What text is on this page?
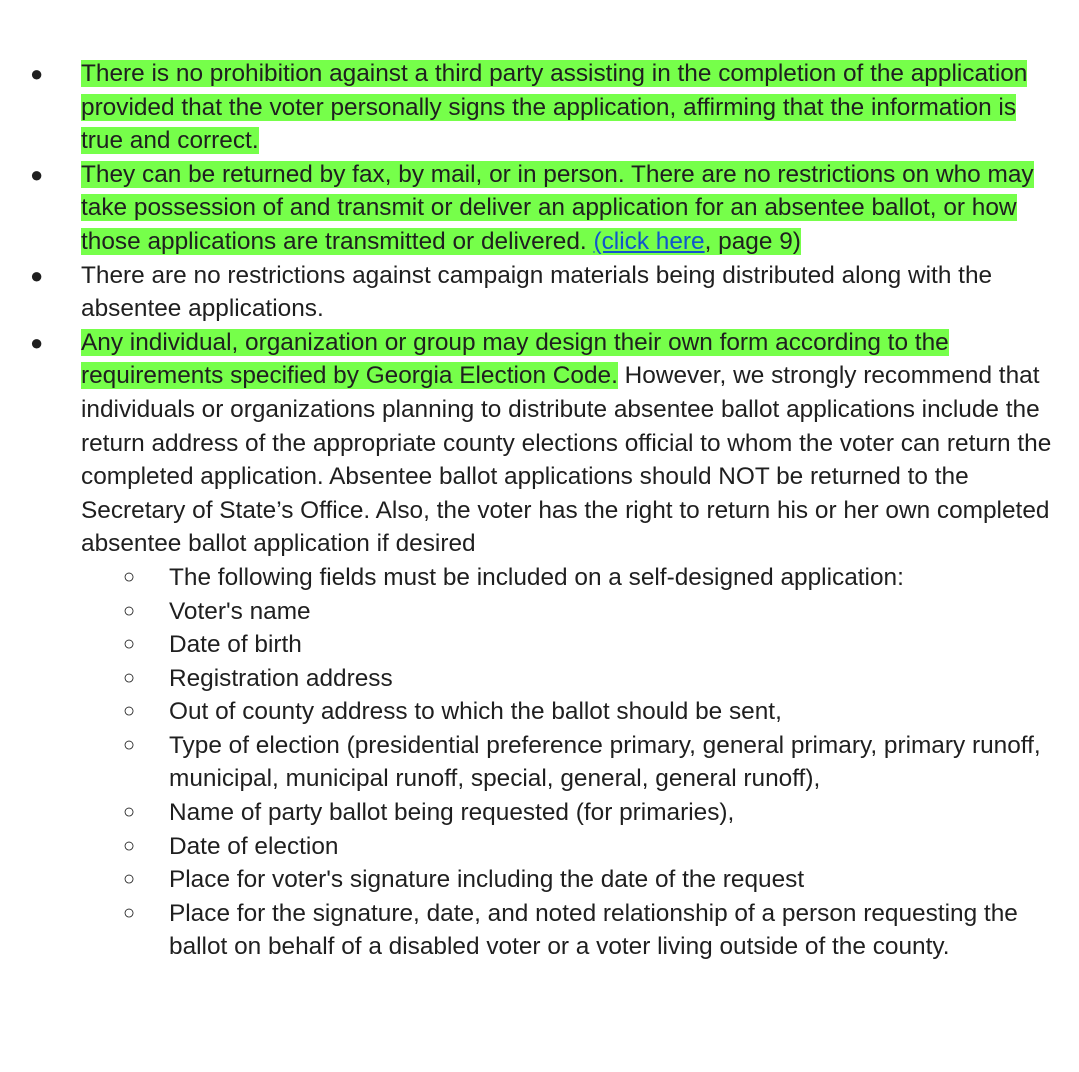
● There is no prohibition against a third party assisting in the completion of the application provided that the voter personally signs the application, affirming that the information is true and correct.
● They can be returned by fax, by mail, or in person. There are no restrictions on who may take possession of and transmit or deliver an application for an absentee ballot, or how those applications are transmitted or delivered. (click here, page 9)
● There are no restrictions against campaign materials being distributed along with the absentee applications.
● Any individual, organization or group may design their own form according to the requirements specified by Georgia Election Code. However, we strongly recommend that individuals or organizations planning to distribute absentee ballot applications include the return address of the appropriate county elections official to whom the voter can return the completed application. Absentee ballot applications should NOT be returned to the Secretary of State’s Office. Also, the voter has the right to return his or her own completed absentee ballot application if desired
○ The following fields must be included on a self-designed application:
○ Voter's name
○ Date of birth
○ Registration address
○ Out of county address to which the ballot should be sent,
○ Type of election (presidential preference primary, general primary, primary runoff, municipal, municipal runoff, special, general, general runoff),
○ Name of party ballot being requested (for primaries),
○ Date of election
○ Place for voter's signature including the date of the request
○ Place for the signature, date, and noted relationship of a person requesting the ballot on behalf of a disabled voter or a voter living outside of the county.
